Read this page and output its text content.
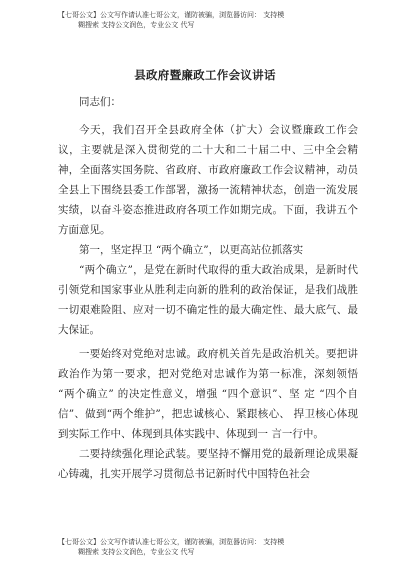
【七哥公文】公文写作请认准七哥公文，谨防被骗，浏览器访问： 支持模
糊搜索 支持公文润色，专业公文 代写
县政府暨廉政工作会议讲话

同志们：

今天，我们召开全县政府全体（扩大）会议暨廉政工作会议，主要就是深入贯彻党的二十大和二十届二中、三中全会精神，全面落实国务院、省政府、市政府廉政工作会议精神，动员全县上下围绕县委工作部署，激扬一流精神状态，创造一流发展实绩，以奋斗姿态推进政府各项工作如期完成。下面，我讲五个方面意见。

第一，坚定捍卫 “两个确立”，以更高站位抓落实

“两个确立”，是党在新时代取得的重大政治成果，是新时代引领党和国家事业从胜利走向新的胜利的政治保证，是我们战胜一切艰难险阻、应对一切不确定性的最大确定性、最大底气、最大保证。

一要始终对党绝对忠诚。政府机关首先是政治机关。要把讲政治作为第一要求，把对党绝对忠诚作为第一标准，深刻领悟 “两个确立” 的决定性意义，增强 “四个意识”、坚 定 “四个自信”、做到“两个维护”，把忠诚核心、紧跟核心、 捍卫核心体现到实际工作中、体现到具体实践中、体现到一 言一行中。

二要持续强化理论武装。要坚持不懈用党的最新理论成果凝心铸魂，扎实开展学习贯彻总书记新时代中国特色社会

【七哥公文】公文写作请认准七哥公文，谨防被骗，浏览器访问： 支持模
糊搜索 支持公文润色，专业公文 代写
